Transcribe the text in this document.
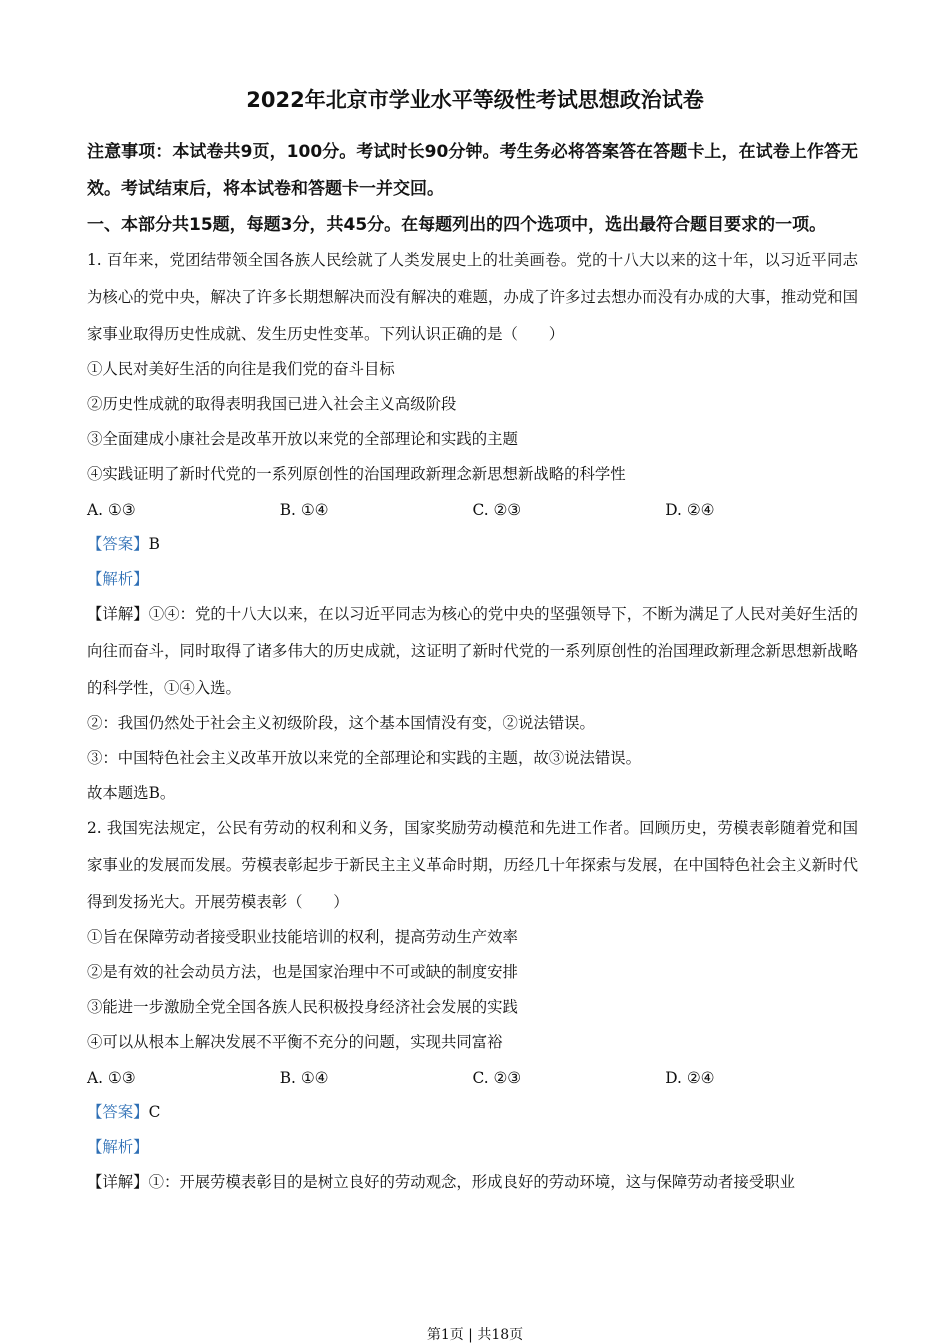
2022年北京市学业水平等级性考试思想政治试卷
注意事项：本试卷共9页，100分。考试时长90分钟。考生务必将答案答在答题卡上，在试卷上作答无效。考试结束后，将本试卷和答题卡一并交回。
一、本部分共15题，每题3分，共45分。在每题列出的四个选项中，选出最符合题目要求的一项。
1. 百年来，党团结带领全国各族人民绘就了人类发展史上的壮美画卷。党的十八大以来的这十年，以习近平同志为核心的党中央，解决了许多长期想解决而没有解决的难题，办成了许多过去想办而没有办成的大事，推动党和国家事业取得历史性成就、发生历史性变革。下列认识正确的是（　　）
①人民对美好生活的向往是我们党的奋斗目标
②历史性成就的取得表明我国已进入社会主义高级阶段
③全面建成小康社会是改革开放以来党的全部理论和实践的主题
④实践证明了新时代党的一系列原创性的治国理政新理念新思想新战略的科学性
A. ①③	B. ①④	C. ②③	D. ②④
【答案】B
【解析】
【详解】①④：党的十八大以来，在以习近平同志为核心的党中央的坚强领导下，不断为满足了人民对美好生活的向往而奋斗，同时取得了诸多伟大的历史成就，这证明了新时代党的一系列原创性的治国理政新理念新思想新战略的科学性，①④入选。
②：我国仍然处于社会主义初级阶段，这个基本国情没有变，②说法错误。
③：中国特色社会主义改革开放以来党的全部理论和实践的主题，故③说法错误。
故本题选B。
2. 我国宪法规定，公民有劳动的权利和义务，国家奖励劳动模范和先进工作者。回顾历史，劳模表彰随着党和国家事业的发展而发展。劳模表彰起步于新民主主义革命时期，历经几十年探索与发展，在中国特色社会主义新时代得到发扬光大。开展劳模表彰（　　）
①旨在保障劳动者接受职业技能培训的权利，提高劳动生产效率
②是有效的社会动员方法，也是国家治理中不可或缺的制度安排
③能进一步激励全党全国各族人民积极投身经济社会发展的实践
④可以从根本上解决发展不平衡不充分的问题，实现共同富裕
A. ①③	B. ①④	C. ②③	D. ②④
【答案】C
【解析】
【详解】①：开展劳模表彰目的是树立良好的劳动观念，形成良好的劳动环境，这与保障劳动者接受职业
第1页 | 共18页
